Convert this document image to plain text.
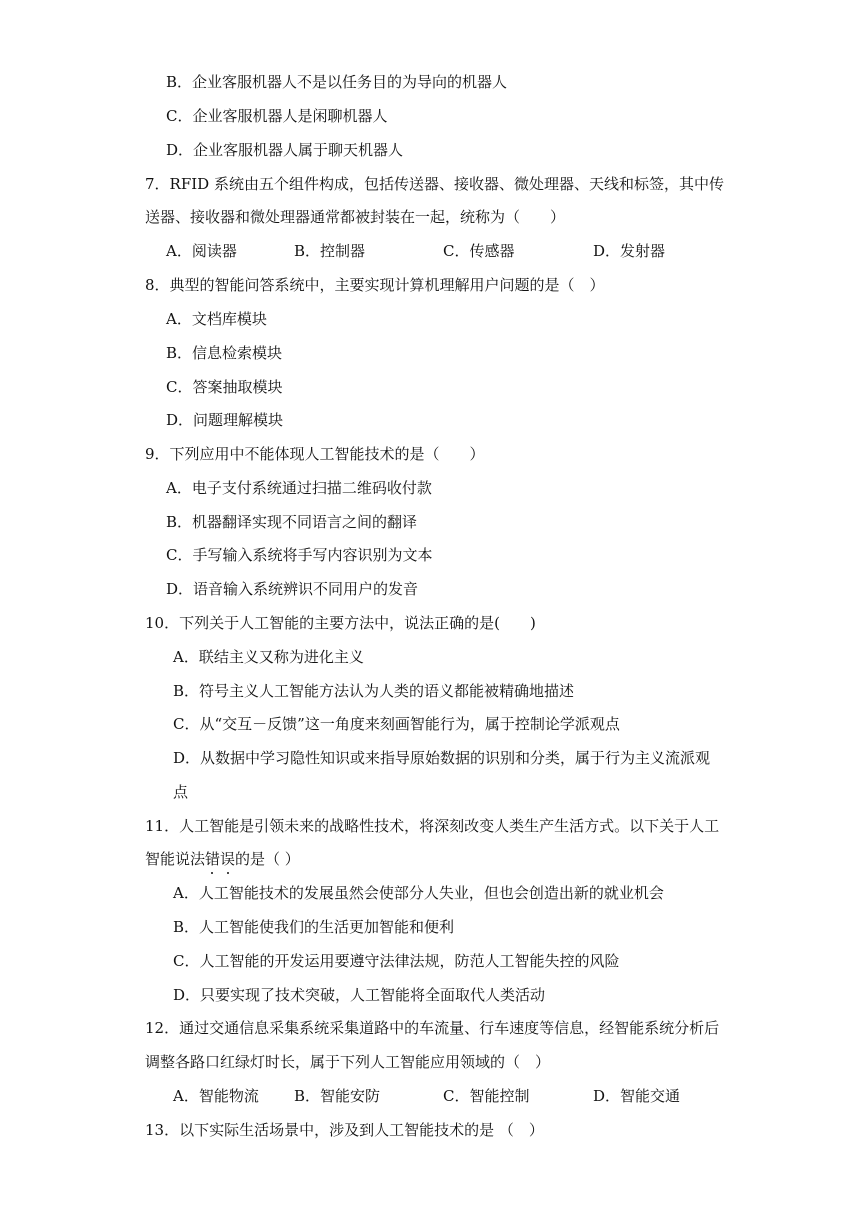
B．企业客服机器人不是以任务目的为导向的机器人
C．企业客服机器人是闲聊机器人
D．企业客服机器人属于聊天机器人
7．RFID 系统由五个组件构成，包括传送器、接收器、微处理器、天线和标签，其中传
送器、接收器和微处理器通常都被封装在一起，统称为（　　）
A．阅读器	B．控制器	C．传感器	D．发射器
8．典型的智能问答系统中，主要实现计算机理解用户问题的是（　）
A．文档库模块
B．信息检索模块
C．答案抽取模块
D．问题理解模块
9．下列应用中不能体现人工智能技术的是（　　）
A．电子支付系统通过扫描二维码收付款
B．机器翻译实现不同语言之间的翻译
C．手写输入系统将手写内容识别为文本
D．语音输入系统辨识不同用户的发音
10．下列关于人工智能的主要方法中，说法正确的是(　　)
A．联结主义又称为进化主义
B．符号主义人工智能方法认为人类的语义都能被精确地描述
C．从“交互－反馈”这一角度来刻画智能行为，属于控制论学派观点
D．从数据中学习隐性知识或来指导原始数据的识别和分类，属于行为主义流派观
点
11．人工智能是引领未来的战略性技术，将深刻改变人类生产生活方式。以下关于人工
智能说法错误
的是（ ）
A．人工智能技术的发展虽然会使部分人失业，但也会创造出新的就业机会
B．人工智能使我们的生活更加智能和便利
C．人工智能的开发运用要遵守法律法规，防范人工智能失控的风险
D．只要实现了技术突破，人工智能将全面取代人类活动
12．通过交通信息采集系统采集道路中的车流量、行车速度等信息，经智能系统分析后
调整各路口红绿灯时长，属于下列人工智能应用领域的（　）
A．智能物流 B．智能安防	C．智能控制	D．智能交通
13．以下实际生活场景中，涉及到人工智能技术的是 （　）
